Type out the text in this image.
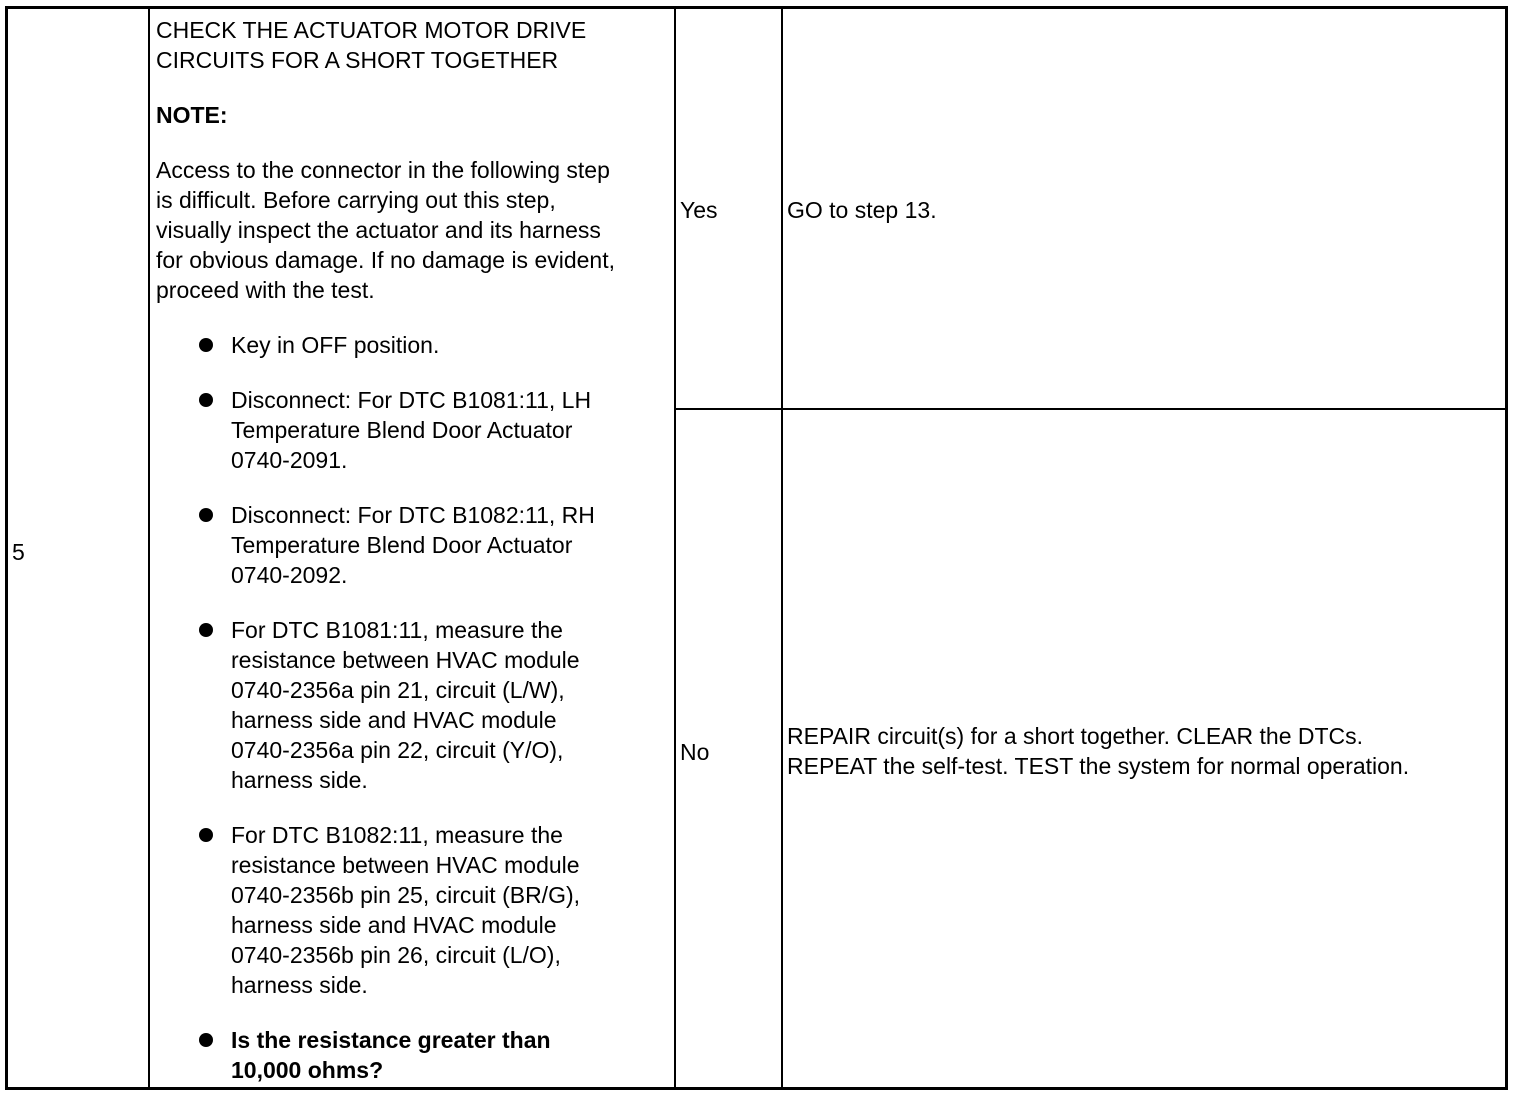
5

CHECK THE ACTUATOR MOTOR DRIVE
CIRCUITS FOR A SHORT TOGETHER

NOTE:

Access to the connector in the following step
is difficult. Before carrying out this step,
visually inspect the actuator and its harness
for obvious damage. If no damage is evident,
proceed with the test.

Key in OFF position.
Disconnect: For DTC B1081:11, LH
Temperature Blend Door Actuator
0740-2091.
Disconnect: For DTC B1082:11, RH
Temperature Blend Door Actuator
0740-2092.
For DTC B1081:11, measure the
resistance between HVAC module
0740-2356a pin 21, circuit (L/W),
harness side and HVAC module
0740-2356a pin 22, circuit (Y/O),
harness side.
For DTC B1082:11, measure the
resistance between HVAC module
0740-2356b pin 25, circuit (BR/G),
harness side and HVAC module
0740-2356b pin 26, circuit (L/O),
harness side.
Is the resistance greater than
10,000 ohms?
Yes	GO to step 13.
No
REPAIR circuit(s) for a short together. CLEAR the DTCs.
REPEAT the self-test. TEST the system for normal operation.
